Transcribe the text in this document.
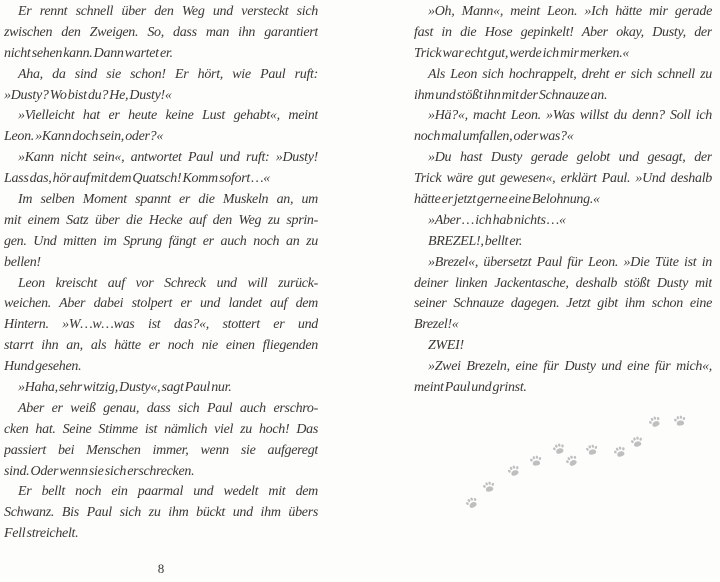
Er rennt schnell über den Weg und versteckt sich
zwischen den Zweigen. So, dass man ihn garantiert
nicht sehen kann. Dann wartet er.
Aha, da sind sie schon! Er hört, wie Paul ruft:
»Dusty? Wo bist du? He, Dusty!«
»Vielleicht hat er heute keine Lust gehabt«, meint
Leon. »Kann doch sein, oder?«
»Kann nicht sein«, antwortet Paul und ruft: »Dusty!
Lass das, hör auf mit dem Quatsch! Komm sofort …«
Im selben Moment spannt er die Muskeln an, um
mit einem Satz über die Hecke auf den Weg zu sprin-
gen. Und mitten im Sprung fängt er auch noch an zu
bellen!
Leon kreischt auf vor Schreck und will zurück-
weichen. Aber dabei stolpert er und landet auf dem
Hintern. »W…w…was ist das?«, stottert er und
starrt ihn an, als hätte er noch nie einen fliegenden
Hund gesehen.
»Haha, sehr witzig, Dusty«, sagt Paul nur.
Aber er weiß genau, dass sich Paul auch erschro-
cken hat. Seine Stimme ist nämlich viel zu hoch! Das
passiert bei Menschen immer, wenn sie aufgeregt
sind. Oder wenn sie sich erschrecken.
Er bellt noch ein paarmal und wedelt mit dem
Schwanz. Bis Paul sich zu ihm bückt und ihm übers
Fell streichelt.
8
»Oh, Mann«, meint Leon. »Ich hätte mir gerade
fast in die Hose gepinkelt! Aber okay, Dusty, der
Trick war echt gut, werde ich mir merken.«
Als Leon sich hochrappelt, dreht er sich schnell zu
ihm und stößt ihn mit der Schnauze an.
»Hä?«, macht Leon. »Was willst du denn? Soll ich
noch mal umfallen, oder was?«
»Du hast Dusty gerade gelobt und gesagt, der
Trick wäre gut gewesen«, erklärt Paul. »Und deshalb
hätte er jetzt gerne eine Belohnung.«
»Aber … ich hab nichts …«
BREZEL!, bellt er.
»Brezel«, übersetzt Paul für Leon. »Die Tüte ist in
deiner linken Jackentasche, deshalb stößt Dusty mit
seiner Schnauze dagegen. Jetzt gibt ihm schon eine
Brezel!«
ZWEI!
»Zwei Brezeln, eine für Dusty und eine für mich«,
meint Paul und grinst.
